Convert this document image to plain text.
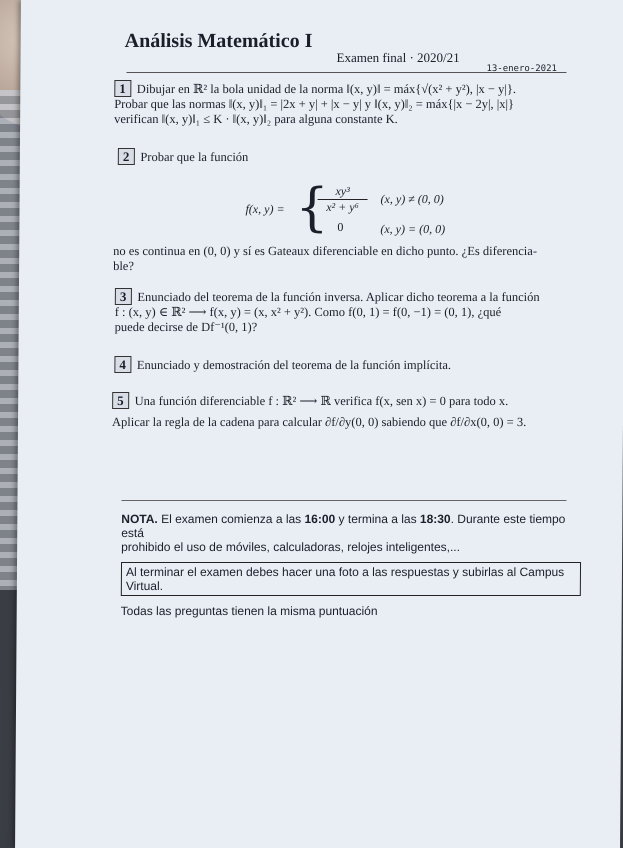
Análisis Matemático I
Examen final · 2020/21
13-enero-2021
1 Dibujar en ℝ² la bola unidad de la norma ‖(x, y)‖ = máx{√(x² + y²), |x − y|}.
Probar que las normas ‖(x, y)‖₁ = |2x + y| + |x − y| y ‖(x, y)‖₂ = máx{|x − 2y|, |x|}
verifican ‖(x, y)‖₁ ≤ K · ‖(x, y)‖₂ para alguna constante K.
2 Probar que la función
f(x, y) = {
$\frac{\text{xy³}}{\text{x² + y⁶}} (x$, y) ≠ (0, 0)
0	(x, y) = (0, 0)
no es continua en (0, 0) y sí es Gateaux diferenciable en dicho punto. ¿Es diferencia-
ble?
3 Enunciado del teorema de la función inversa. Aplicar dicho teorema a la función
f : (x, y) ∈ ℝ² ⟶ f(x, y) = (x, x² + y²). Como f(0, 1) = f(0, −1) = (0, 1), ¿qué
puede decirse de Df⁻¹(0, 1)?
4 Enunciado y demostración del teorema de la función implícita.
5 Una función diferenciable f : ℝ² ⟶ ℝ verifica f(x, sen x) = 0 para todo x.
Aplicar la regla de la cadena para calcular ∂f/∂y(0, 0) sabiendo que ∂f/∂x(0, 0) = 3.
NOTA. El examen comienza a las 16:00 y termina a las 18:30. Durante este tiempo está
prohibido el uso de móviles, calculadoras, relojes inteligentes,...
Al terminar el examen debes hacer una foto a las respuestas y subirlas al Campus Virtual.
Todas las preguntas tienen la misma puntuación
